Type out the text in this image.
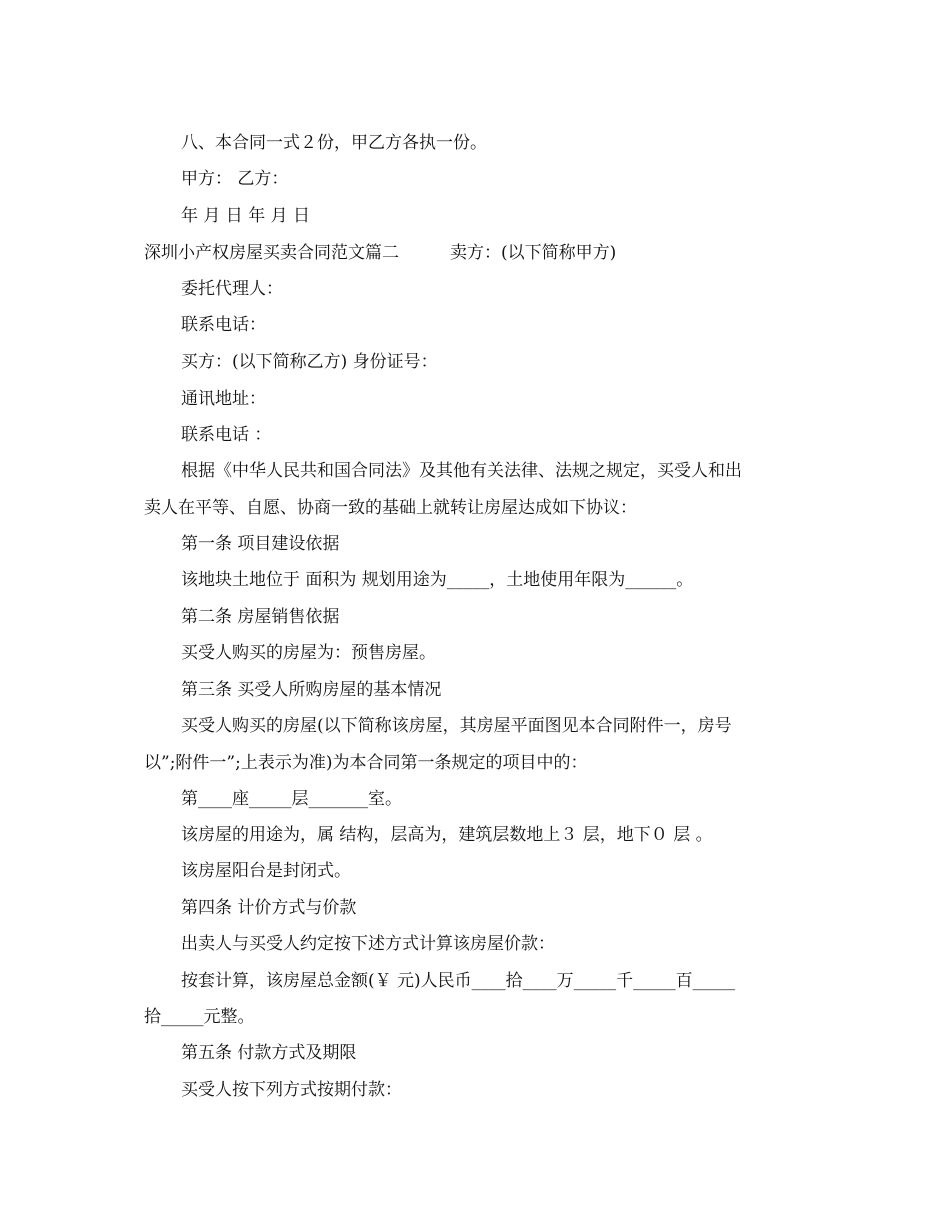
八、本合同一式２份，甲乙方各执一份。
甲方： 乙方：
年 月 日 年 月 日
深圳小产权房屋买卖合同范文篇二　　　卖方：(以下简称甲方)
委托代理人：
联系电话：
买方：(以下简称乙方) 身份证号：
通讯地址：
联系电话 ：
根据《中华人民共和国合同法》及其他有关法律、法规之规定，买受人和出
卖人在平等、自愿、协商一致的基础上就转让房屋达成如下协议：
第一条 项目建设依据
该地块土地位于 面积为 规划用途为_____，土地使用年限为______。
第二条 房屋销售依据
买受人购买的房屋为：预售房屋。
第三条 买受人所购房屋的基本情况
买受人购买的房屋(以下简称该房屋，其房屋平面图见本合同附件一，房号
以”;附件一”;上表示为准)为本合同第一条规定的项目中的：
第____座_____层_______室。
该房屋的用途为，属 结构，层高为，建筑层数地上３ 层，地下０ 层 。
该房屋阳台是封闭式。
第四条 计价方式与价款
出卖人与买受人约定按下述方式计算该房屋价款：
按套计算，该房屋总金额(￥ 元)人民币____拾____万_____千_____百_____
拾_____元整。
第五条 付款方式及期限
买受人按下列方式按期付款：
